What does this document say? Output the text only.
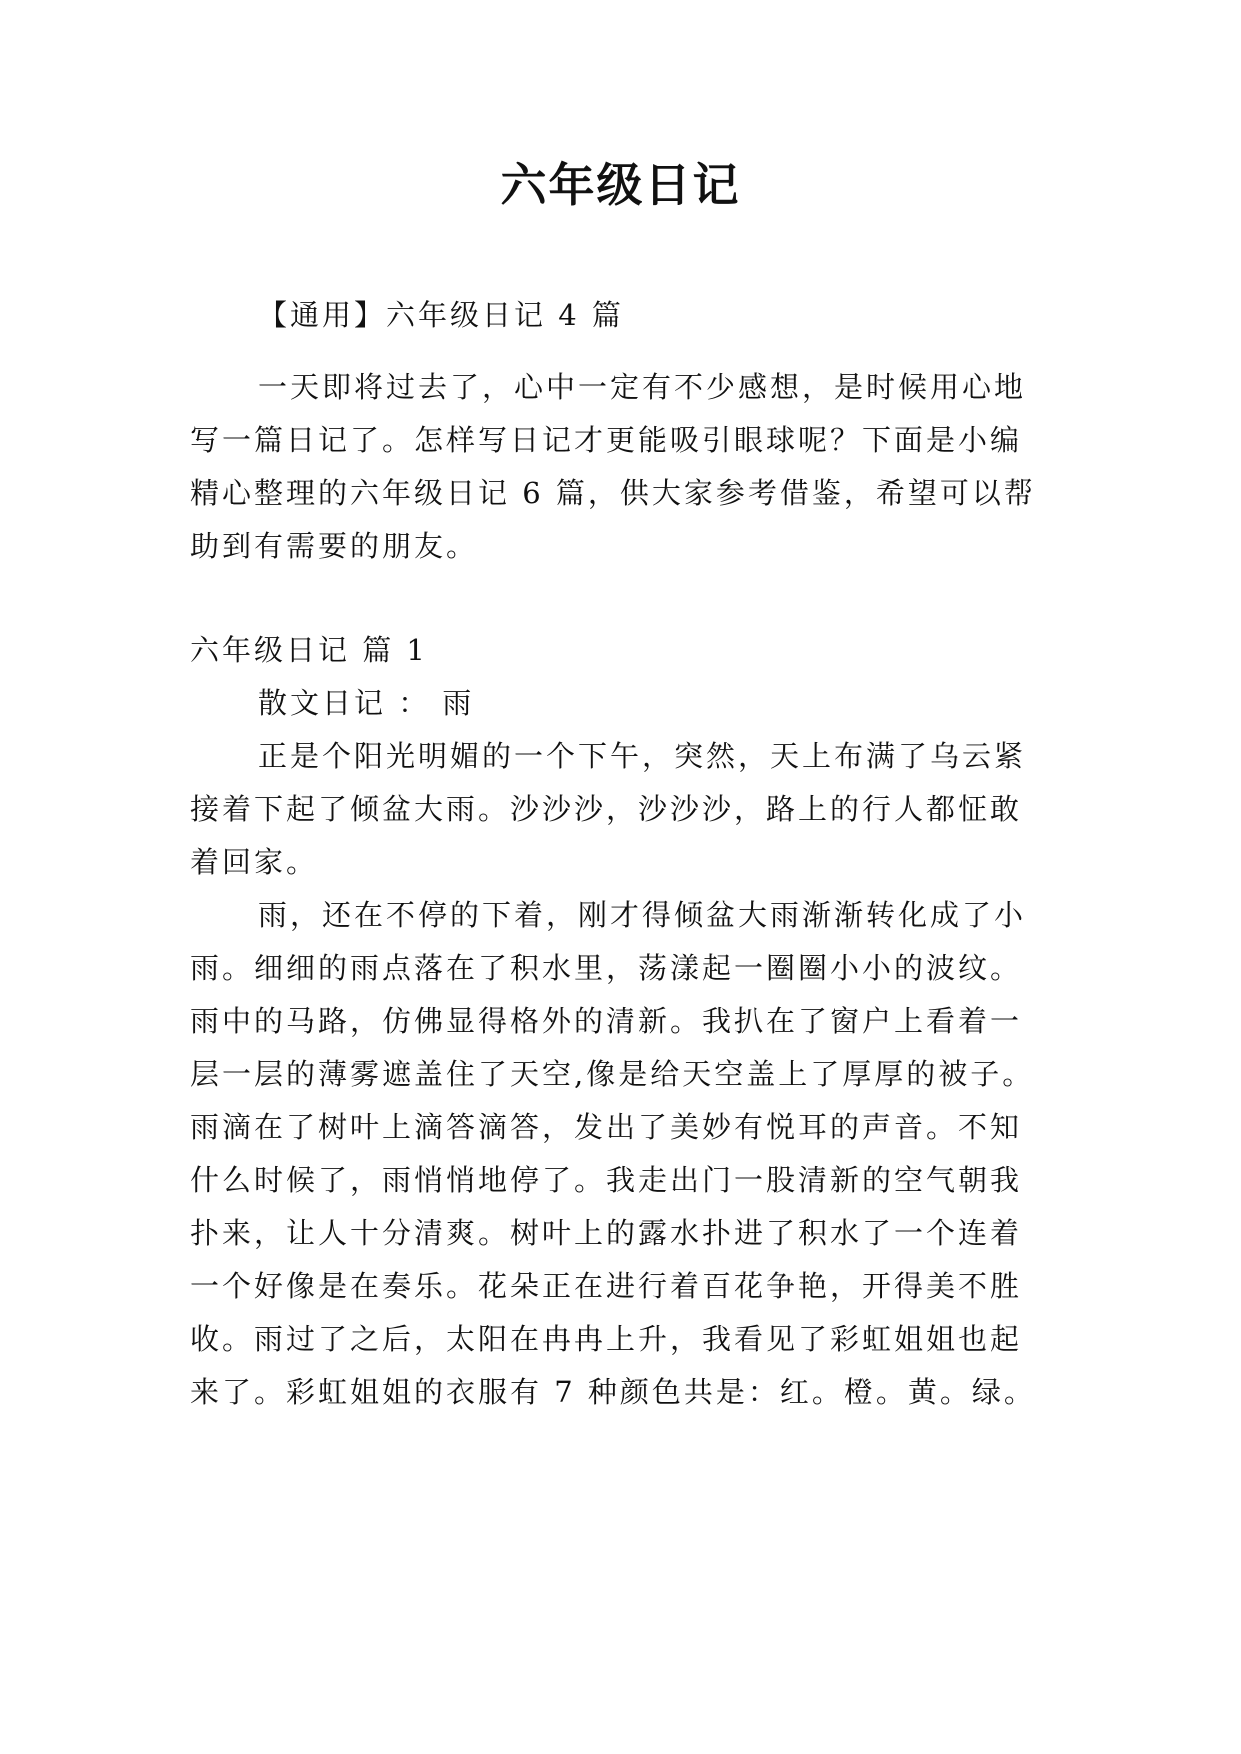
六年级日记
【通用】六年级日记 4 篇
一天即将过去了，心中一定有不少感想，是时候用心地
写一篇日记了。怎样写日记才更能吸引眼球呢？下面是小编
精心整理的六年级日记 6 篇，供大家参考借鉴，希望可以帮
助到有需要的朋友。
六年级日记 篇 1
散文日记 ： 雨
正是个阳光明媚的一个下午，突然，天上布满了乌云紧
接着下起了倾盆大雨。沙沙沙，沙沙沙，路上的行人都怔敢
着回家。
雨，还在不停的下着，刚才得倾盆大雨渐渐转化成了小
雨。细细的雨点落在了积水里，荡漾起一圈圈小小的波纹。
雨中的马路，仿佛显得格外的清新。我扒在了窗户上看着一
层一层的薄雾遮盖住了天空,像是给天空盖上了厚厚的被子。
雨滴在了树叶上滴答滴答，发出了美妙有悦耳的声音。不知
什么时候了，雨悄悄地停了。我走出门一股清新的空气朝我
扑来，让人十分清爽。树叶上的露水扑进了积水了一个连着
一个好像是在奏乐。花朵正在进行着百花争艳，开得美不胜
收。雨过了之后，太阳在冉冉上升，我看见了彩虹姐姐也起
来了。彩虹姐姐的衣服有 7 种颜色共是：红。橙。黄。绿。
